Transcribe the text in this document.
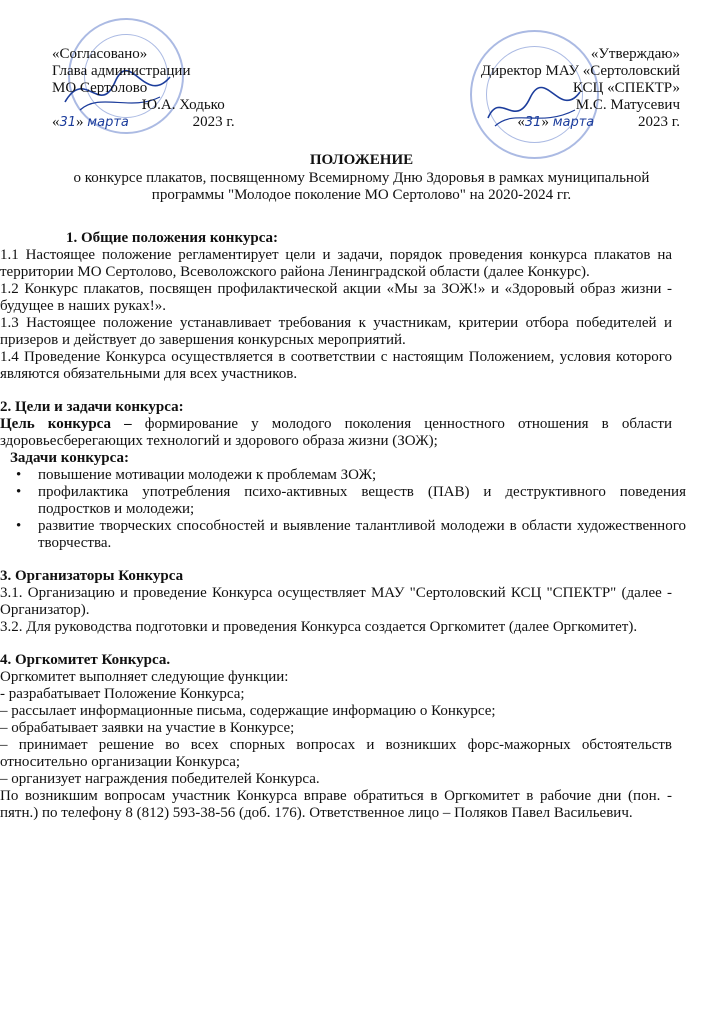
«Согласовано»
Глава администрации
МО Сертолово
Ю.А. Ходько
«31» марта	2023 г.
«Утверждаю»
Директор МАУ «Сертоловский
КСЦ «СПЕКТР»
М.С. Матусевич
«31» марта	2023 г.
ПОЛОЖЕНИЕ
о конкурсе плакатов, посвященному Всемирному Дню Здоровья в рамках муниципальной программы "Молодое поколение МО Сертолово" на 2020-2024 гг.
1. Общие положения конкурса:

1.1 Настоящее положение регламентирует цели и задачи, порядок проведения конкурса плакатов на территории МО Сертолово, Всеволожского района Ленинградской области (далее Конкурс).

1.2 Конкурс плакатов, посвящен профилактической акции «Мы за ЗОЖ!» и «Здоровый образ жизни - будущее в наших руках!».

1.3 Настоящее положение устанавливает требования к участникам, критерии отбора победителей и призеров и действует до завершения конкурсных мероприятий.

1.4 Проведение Конкурса осуществляется в соответствии с настоящим Положением, условия которого являются обязательными для всех участников.

2. Цели и задачи конкурса:

Цель конкурса – формирование у молодого поколения ценностного отношения в области здоровьесберегающих технологий и здорового образа жизни (ЗОЖ);

Задачи конкурса:
• повышение мотивации молодежи к проблемам ЗОЖ;
• профилактика употребления психо-активных веществ (ПАВ) и деструктивного поведения подростков и молодежи;
• развитие творческих способностей и выявление талантливой молодежи в области художественного творчества.
3. Организаторы Конкурса

3.1. Организацию и проведение Конкурса осуществляет МАУ "Сертоловский КСЦ "СПЕКТР" (далее - Организатор).

3.2. Для руководства подготовки и проведения Конкурса создается Оргкомитет (далее Оргкомитет).

4. Оргкомитет Конкурса.

Оргкомитет выполняет следующие функции:

- разрабатывает Положение Конкурса;

– рассылает информационные письма, содержащие информацию о Конкурсе;

– обрабатывает заявки на участие в Конкурсе;

– принимает решение во всех спорных вопросах и возникших форс-мажорных обстоятельств относительно организации Конкурса;

– организует награждения победителей Конкурса.

По возникшим вопросам участник Конкурса вправе обратиться в Оргкомитет в рабочие дни (пон. - пятн.) по телефону 8 (812) 593-38-56 (доб. 176). Ответственное лицо – Поляков Павел Васильевич.
